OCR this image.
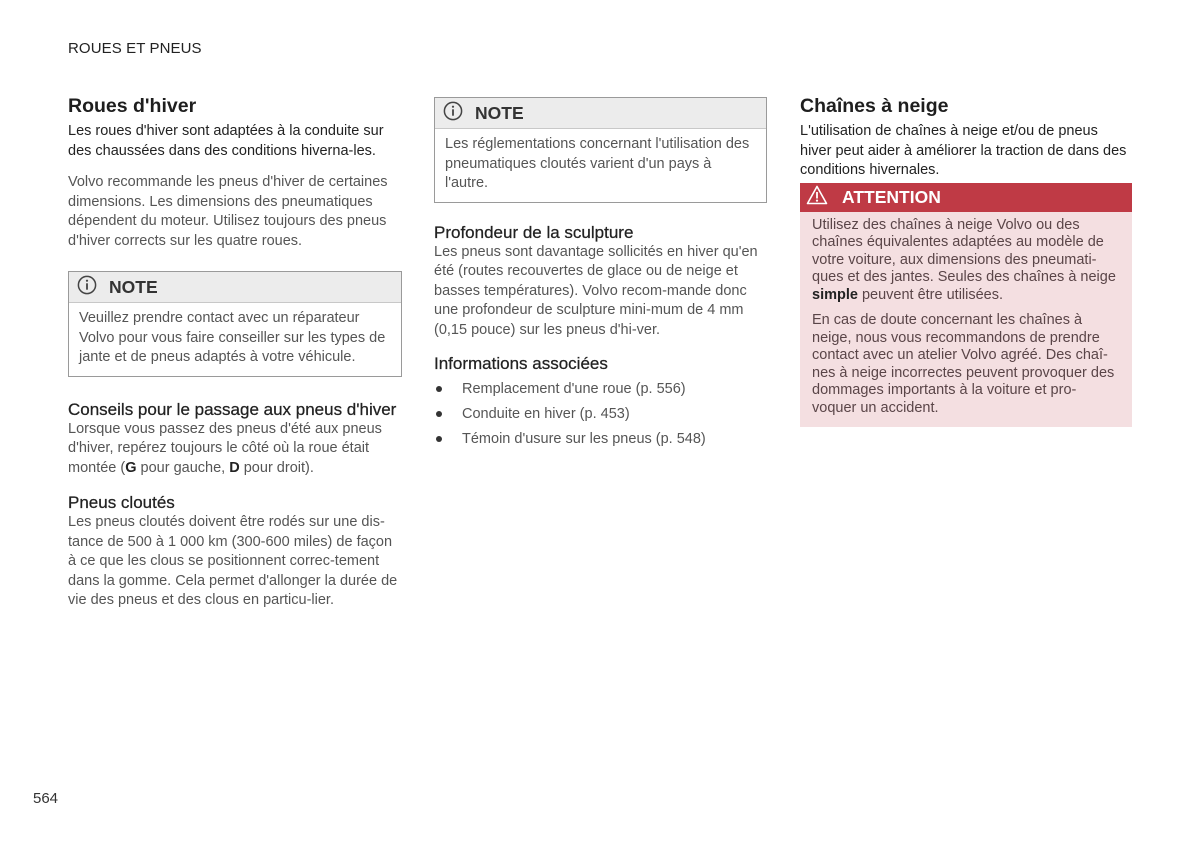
ROUES ET PNEUS
Roues d'hiver

Les roues d'hiver sont adaptées à la conduite sur des chaussées dans des conditions hiverna-les.

Volvo recommande les pneus d'hiver de certaines dimensions. Les dimensions des pneumatiques dépendent du moteur. Utilisez toujours des pneus d'hiver corrects sur les quatre roues.

NOTE
Veuillez prendre contact avec un réparateur Volvo pour vous faire conseiller sur les types de jante et de pneus adaptés à votre véhicule.
Conseils pour le passage aux pneus d'hiver

Lorsque vous passez des pneus d'été aux pneus d'hiver, repérez toujours le côté où la roue était montée (G pour gauche, D pour droit).

Pneus cloutés

Les pneus cloutés doivent être rodés sur une dis-tance de 500 à 1 000 km (300-600 miles) de façon à ce que les clous se positionnent correc-tement dans la gomme. Cela permet d'allonger la durée de vie des pneus et des clous en particu-lier.

NOTE
Les réglementations concernant l'utilisation des pneumatiques cloutés varient d'un pays à l'autre.
Profondeur de la sculpture

Les pneus sont davantage sollicités en hiver qu'en été (routes recouvertes de glace ou de neige et basses températures). Volvo recom-mande donc une profondeur de sculpture mini-mum de 4 mm (0,15 pouce) sur les pneus d'hi-ver.

Informations associées
Remplacement d'une roue (p. 556)
Conduite en hiver (p. 453)
Témoin d'usure sur les pneus (p. 548)
Chaînes à neige

L'utilisation de chaînes à neige et/ou de pneus hiver peut aider à améliorer la traction de dans des conditions hivernales.

ATTENTION

Utilisez des chaînes à neige Volvo ou des chaînes équivalentes adaptées au modèle de votre voiture, aux dimensions des pneumati-ques et des jantes. Seules des chaînes à neige simple peuvent être utilisées.

En cas de doute concernant les chaînes à neige, nous vous recommandons de prendre contact avec un atelier Volvo agréé. Des chaî-nes à neige incorrectes peuvent provoquer des dommages importants à la voiture et pro-voquer un accident.

564
